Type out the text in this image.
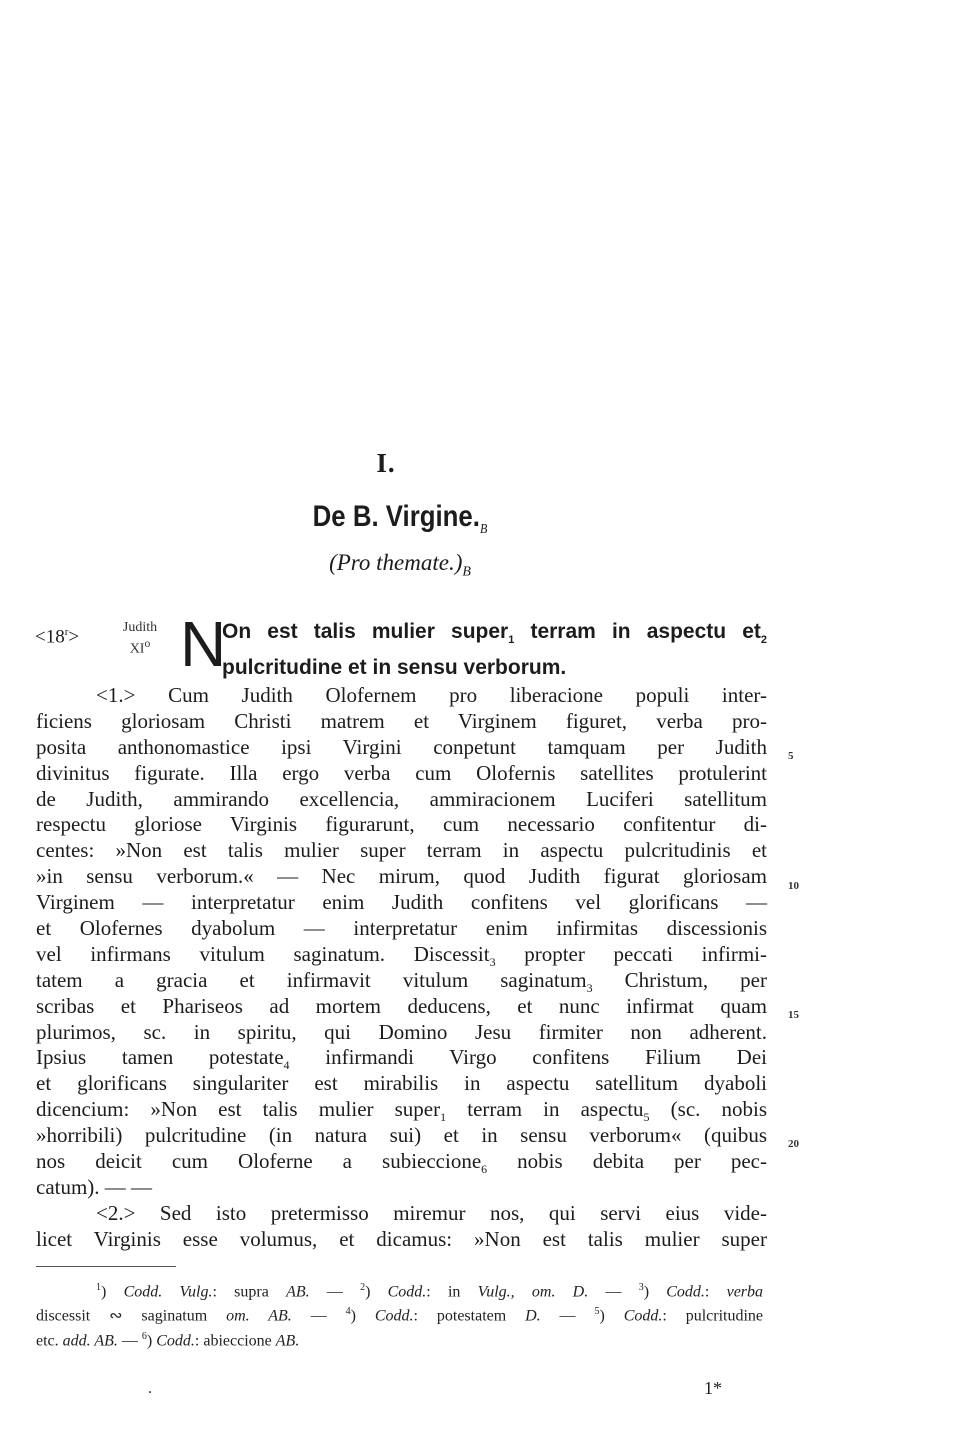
I.
De B. $Virgine._B$
(Pro $themate.)_B$
$<18^r>$	Judith
$XI^o$ N
On est talis mulier super$_1$ terram in aspectu $et_2$ pulcritudine et in sensu verborum.
<1.> Cum Judith Olofernem pro liberacione populi inter-
ficiens gloriosam Christi matrem et Virginem figuret, verba pro-
posita anthonomastice ipsi Virgini conpetunt tamquam per Judith
divinitus figurate. Illa ergo verba cum Olofernis satellites protulerint
de Judith, ammirando excellencia, ammiracionem Luciferi satellitum
respectu gloriose Virginis figurarunt, cum necessario confitentur di-
centes: »Non est talis mulier super terram in aspectu pulcritudinis et
»in sensu verborum.« — Nec mirum, quod Judith figurat gloriosam
Virginem — interpretatur enim Judith confitens vel glorificans —
et Olofernes dyabolum — interpretatur enim infirmitas discessionis
vel infirmans vitulum saginatum. Discessit$_3$ propter peccati infirmi-
tatem a gracia et infirmavit vitulum saginatum$_3$ Christum, per
scribas et Phariseos ad mortem deducens, et nunc infirmat quam
plurimos, sc. in spiritu, qui Domino Jesu firmiter non adherent.
Ipsius tamen potestate$_4$ infirmandi Virgo confitens Filium Dei
et glorificans singulariter est mirabilis in aspectu satellitum dyaboli
dicencium: »Non est talis mulier super$_1$ terram in aspectu$_5$ (sc. nobis
»horribili) pulcritudine (in natura sui) et in sensu verborum« (quibus
nos deicit cum Oloferne a subieccione$_6$ nobis debita per pec-
catum). — —
<2.> Sed isto pretermisso miremur nos, qui servi eius vide-
licet Virginis esse volumus, et dicamus: »Non est talis mulier super
5
10
15
20
$^1$) Codd. Vulg.: supra AB. — $^2$) Codd.: in Vulg., om. D. — $^3$) Codd.: verba
discessit ∾ saginatum om. AB. — $^4$) Codd.: potestatem D. — $^5$) Codd.: pulcritudine
etc. add. AB. — $^6$) Codd.: abieccione AB.
.	1*
